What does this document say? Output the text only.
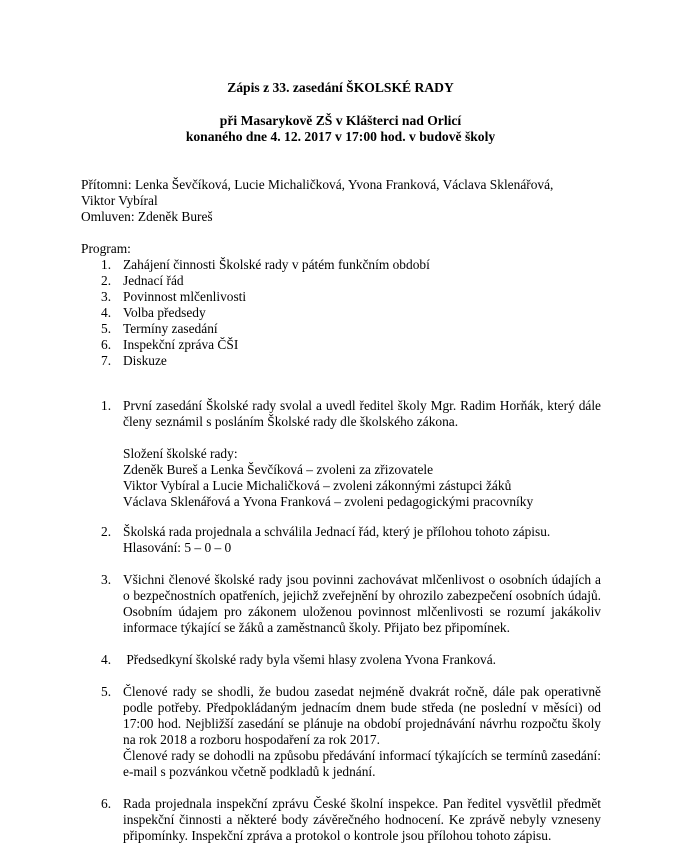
Zápis z 33. zasedání ŠKOLSKÉ RADY
při Masarykově ZŠ v Klášterci nad Orlicí
konaného dne 4. 12. 2017 v 17:00 hod. v budově školy
Přítomni: Lenka Ševčíková, Lucie Michaličková, Yvona Franková, Václava Sklenářová,
Viktor Vybíral
Omluven: Zdeněk Bureš
Program:
1. Zahájení činnosti Školské rady v pátém funkčním období
2. Jednací řád
3. Povinnost mlčenlivosti
4. Volba předsedy
5. Termíny zasedání
6. Inspekční zpráva ČŠI
7. Diskuze
1. První zasedání Školské rady svolal a uvedl ředitel školy Mgr. Radim Horňák, který dále členy seznámil s posláním Školské rady dle školského zákona.
Složení školské rady:
Zdeněk Bureš a Lenka Ševčíková – zvoleni za zřizovatele
Viktor Vybíral a Lucie Michaličková – zvoleni zákonnými zástupci žáků
Václava Sklenářová a Yvona Franková – zvoleni pedagogickými pracovníky
2. Školská rada projednala a schválila Jednací řád, který je přílohou tohoto zápisu.
Hlasování: 5 – 0 – 0
3. Všichni členové školské rady jsou povinni zachovávat mlčenlivost o osobních údajích a o bezpečnostních opatřeních, jejichž zveřejnění by ohrozilo zabezpečení osobních údajů. Osobním údajem pro zákonem uloženou povinnost mlčenlivosti se rozumí jakákoliv informace týkající se žáků a zaměstnanců školy. Přijato bez připomínek.
4. Předsedkyní školské rady byla všemi hlasy zvolena Yvona Franková.
5. Členové rady se shodli, že budou zasedat nejméně dvakrát ročně, dále pak operativně podle potřeby. Předpokládaným jednacím dnem bude středa (ne poslední v měsíci) od 17:00 hod. Nejbližší zasedání se plánuje na období projednávání návrhu rozpočtu školy na rok 2018 a rozboru hospodaření za rok 2017.
Členové rady se dohodli na způsobu předávání informací týkajících se termínů zasedání: e-mail s pozvánkou včetně podkladů k jednání.
6. Rada projednala inspekční zprávu České školní inspekce. Pan ředitel vysvětlil předmět inspekční činnosti a některé body závěrečného hodnocení. Ke zprávě nebyly vzneseny připomínky. Inspekční zpráva a protokol o kontrole jsou přílohou tohoto zápisu.
